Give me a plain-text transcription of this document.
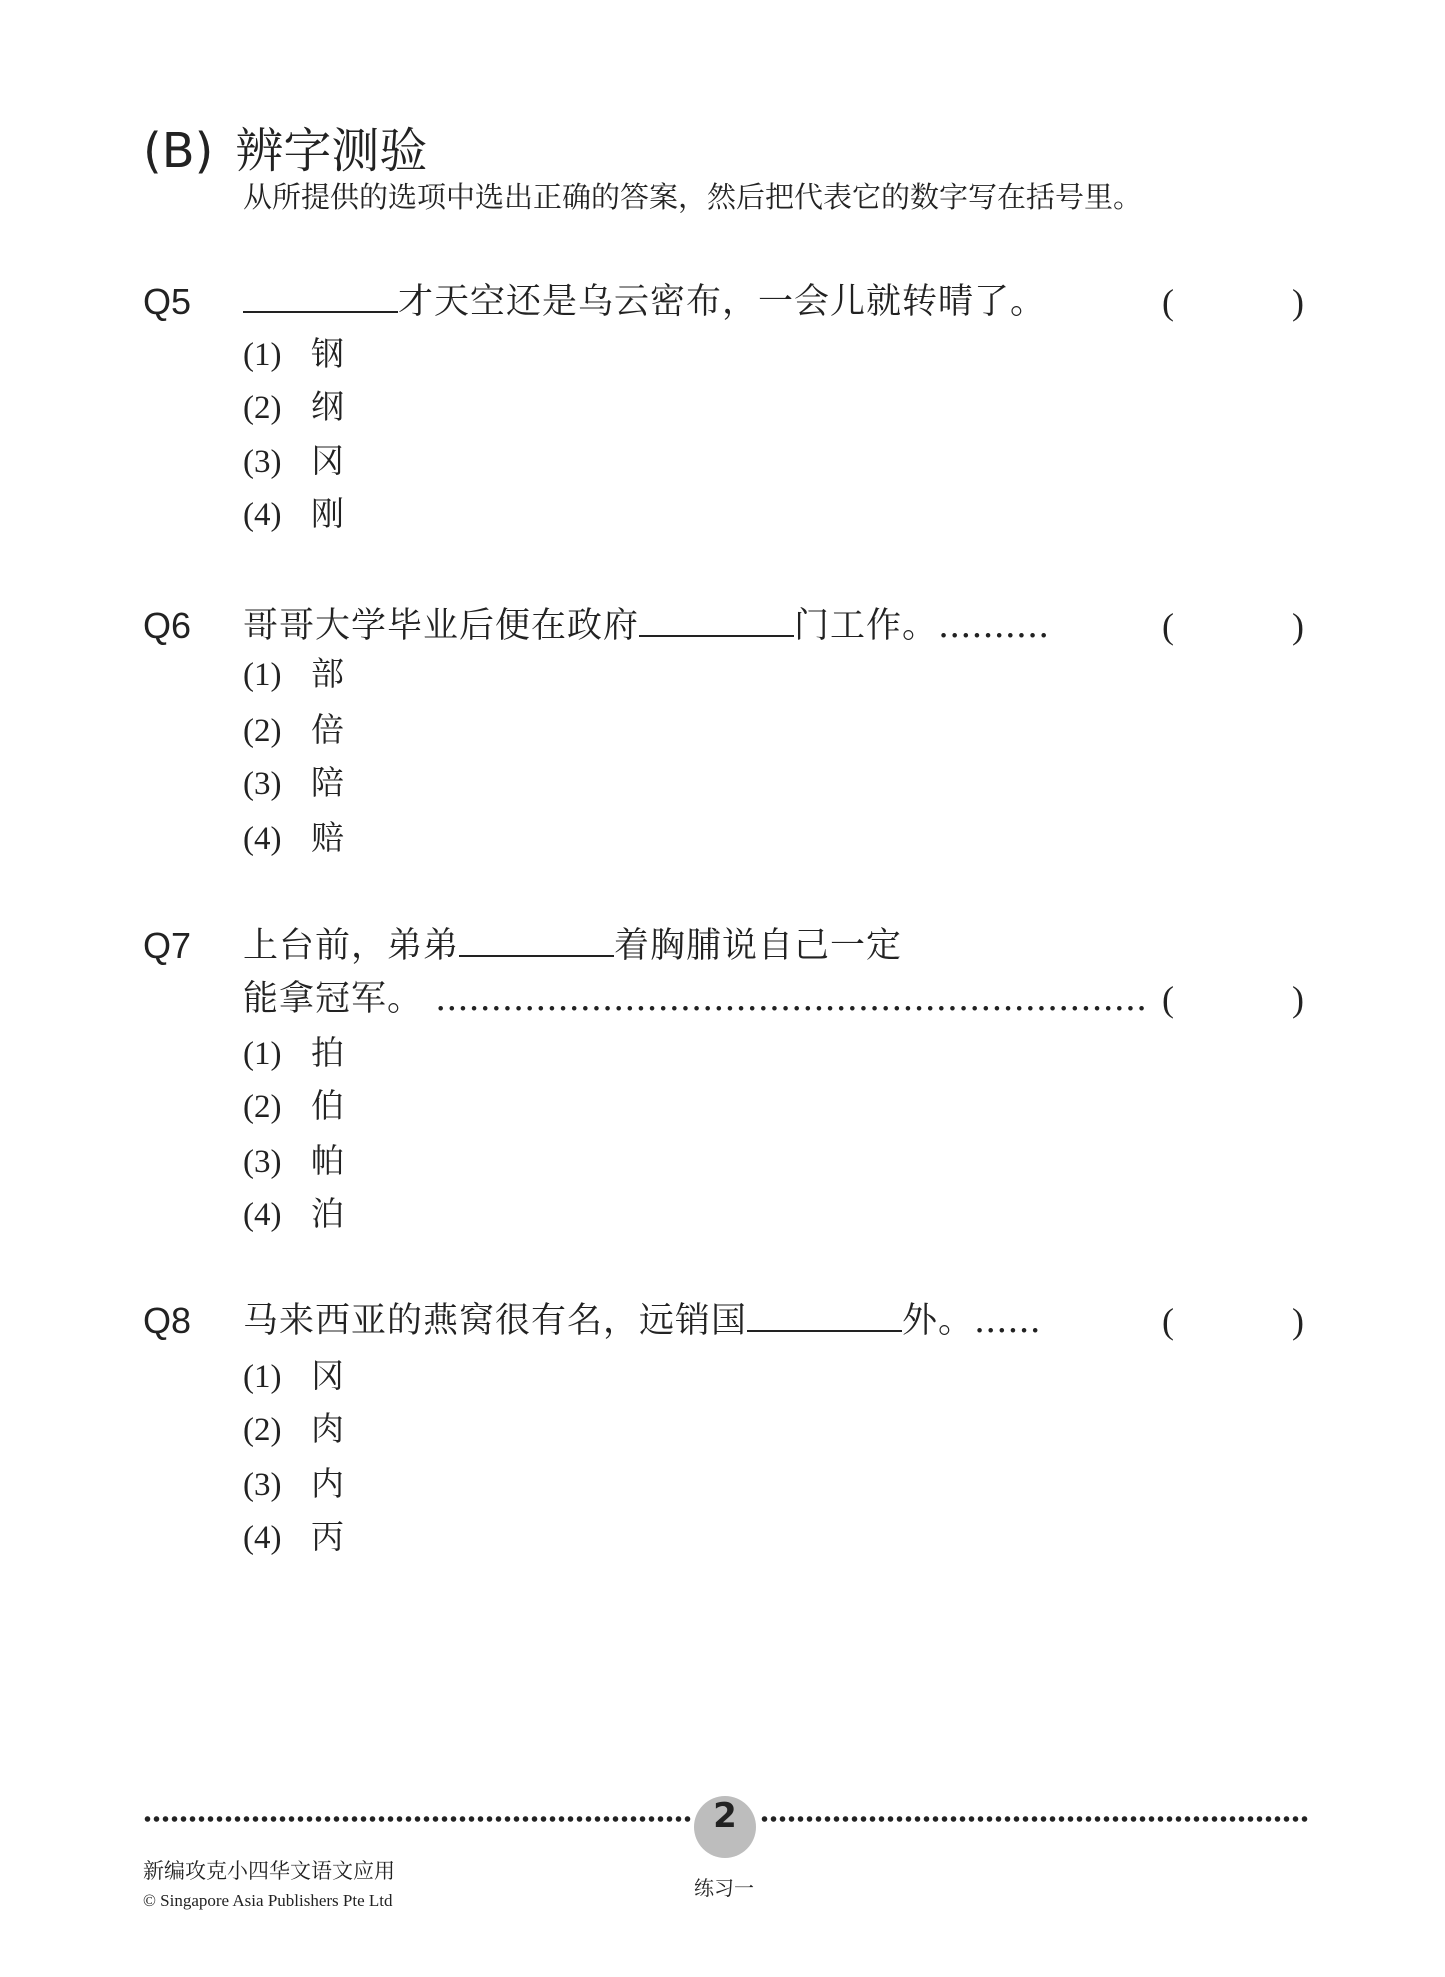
(B) 辨字测验
从所提供的选项中选出正确的答案，然后把代表它的数字写在括号里。
Q5	才天空还是乌云密布，一会儿就转晴了。	(	)
(1) 钢
(2) 纲
(3) 冈
(4) 刚
Q6 哥哥大学毕业后便在政府	门工作。..........	(	)
(1) 部
(2) 倍
(3) 陪
(4) 赔
Q7 上台前，弟弟	着胸脯说自己一定
能拿冠军。 ................................................................ (	)
(1) 拍
(2) 伯
(3) 帕
(4) 泊
Q8 马来西亚的燕窝很有名，远销国	外。......	(	)
(1) 冈
(2) 肉
(3) 内
(4) 丙
2
新编攻克小四华文语文应用
© Singapore Asia Publishers Pte Ltd
练习一
